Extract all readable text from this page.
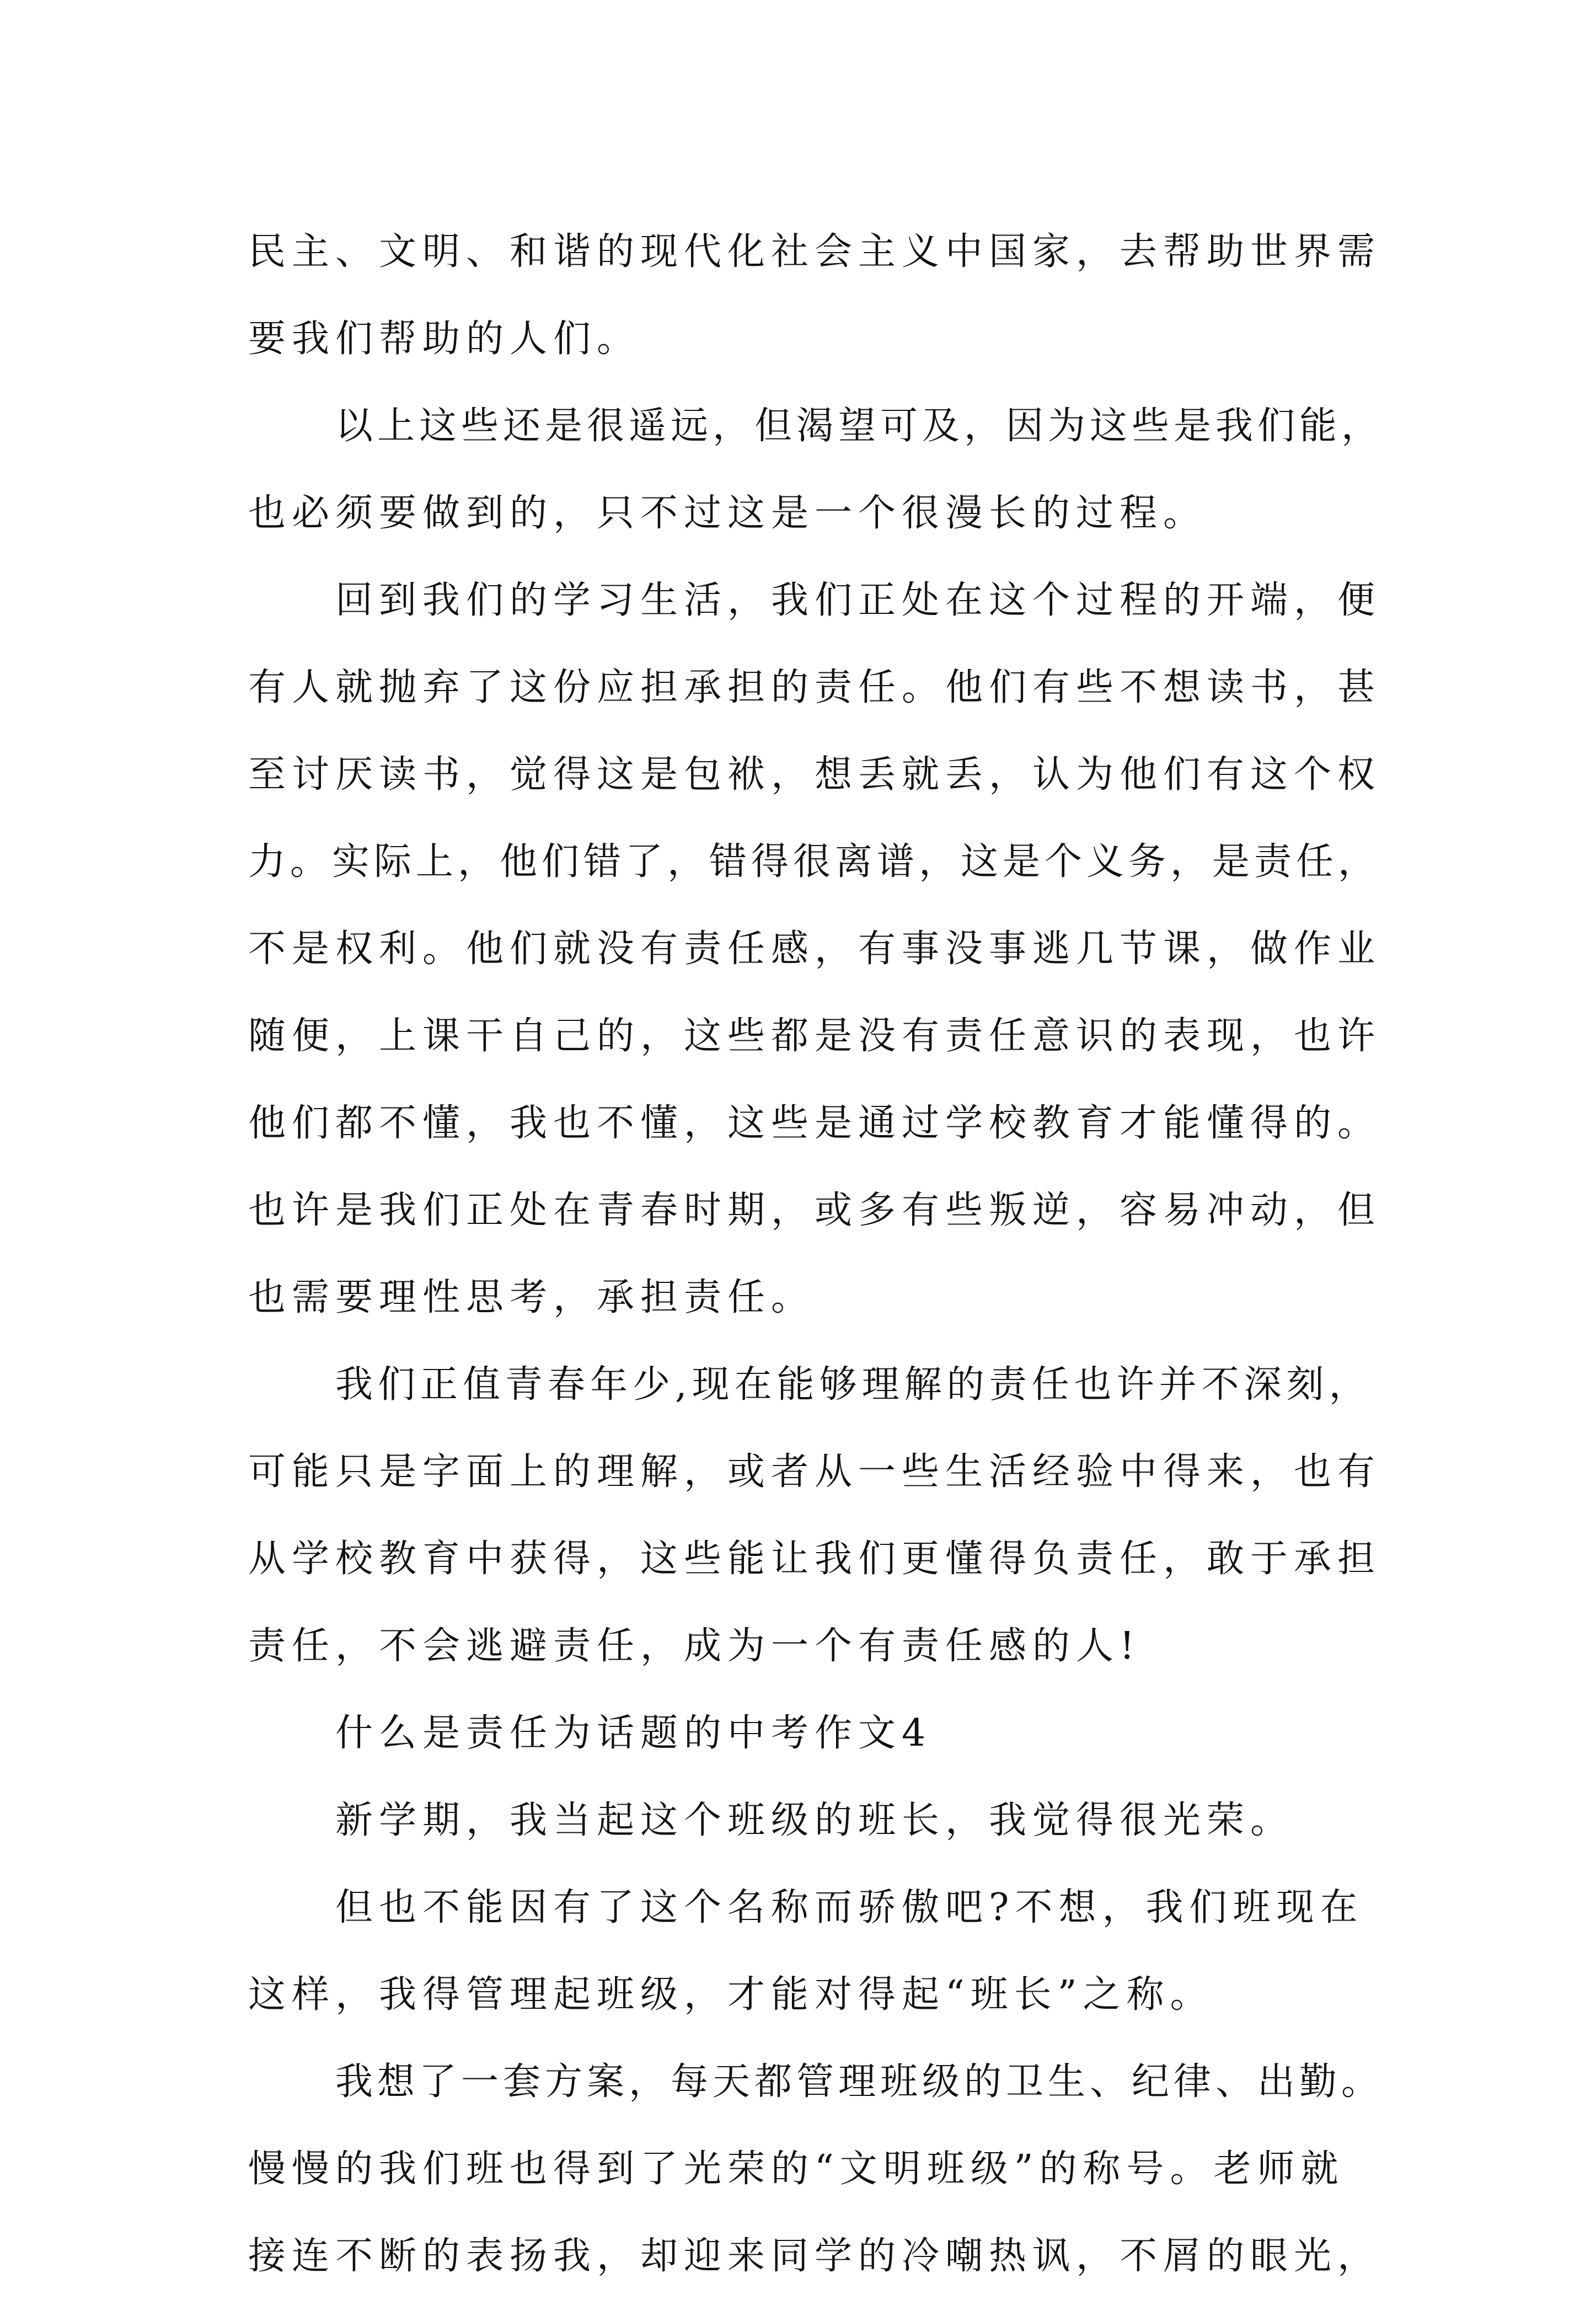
民主、文明、和谐的现代化社会主义中国家，去帮助世界需
要我们帮助的人们。
以上这些还是很遥远，但渴望可及，因为这些是我们能，
也必须要做到的，只不过这是一个很漫长的过程。
回到我们的学习生活，我们正处在这个过程的开端，便
有人就抛弃了这份应担承担的责任。他们有些不想读书，甚
至讨厌读书，觉得这是包袱，想丢就丢，认为他们有这个权
力。实际上，他们错了，错得很离谱，这是个义务，是责任，
不是权利。他们就没有责任感，有事没事逃几节课，做作业
随便，上课干自己的，这些都是没有责任意识的表现，也许
他们都不懂，我也不懂，这些是通过学校教育才能懂得的。
也许是我们正处在青春时期，或多有些叛逆，容易冲动，但
也需要理性思考，承担责任。
我们正值青春年少,现在能够理解的责任也许并不深刻，
可能只是字面上的理解，或者从一些生活经验中得来，也有
从学校教育中获得，这些能让我们更懂得负责任，敢于承担
责任，不会逃避责任，成为一个有责任感的人!
什么是责任为话题的中考作文4
新学期，我当起这个班级的班长，我觉得很光荣。
但也不能因有了这个名称而骄傲吧?不想，我们班现在
这样，我得管理起班级，才能对得起“班长”之称。
我想了一套方案，每天都管理班级的卫生、纪律、出勤。
慢慢的我们班也得到了光荣的“文明班级”的称号。老师就
接连不断的表扬我，却迎来同学的冷嘲热讽，不屑的眼光，
